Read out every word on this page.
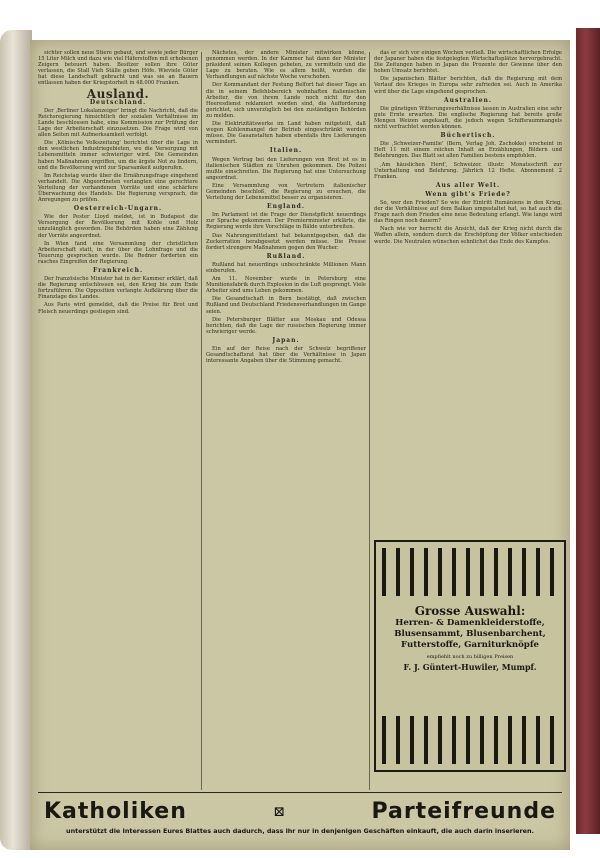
sichter sollen neue Stiere gebaut, und sowie jeder Bürger 15 Liter Milch und dazu wie viel Häferstoffen mit erhobenen Zeigern beteuert haben. Besitzer sollen ihre Güter verlassen, die Stall Vieh Ställe geben Höfe. Wieviele Güter hat diese Landschaft gebracht und was sie an Bauern entlassen haben der Kriegstorhelt in 48.000 Franken.

Ausland.
Deutschland.

Der ‚Berliner Lokalanzeiger' bringt die Nachricht, daß die Reichsregierung hinsichtlich der sozialen Verhältnisse im Lande beschlossen habe, eine Kommission zur Prüfung der Lage der Arbeiterschaft einzusetzen. Die Frage wird von allen Seiten mit Aufmerksamkeit verfolgt.

Die ‚Kölnische Volkszeitung' berichtet über die Lage in den westlichen Industriegebieten, wo die Versorgung mit Lebensmitteln immer schwieriger wird. Die Gemeinden haben Maßnahmen ergriffen, um die ärgste Not zu lindern, und die Bevölkerung wird zur Sparsamkeit aufgerufen.

Im Reichstag wurde über die Ernährungsfrage eingehend verhandelt. Die Abgeordneten verlangten eine gerechtere Verteilung der vorhandenen Vorräte und eine schärfere Überwachung des Handels. Die Regierung versprach, die Anregungen zu prüfen.

Oesterreich-Ungarn.

Wie der Pester Lloyd meldet, ist in Budapest die Versorgung der Bevölkerung mit Kohle und Holz unzulänglich geworden. Die Behörden haben eine Zählung der Vorräte angeordnet.

In Wien fand eine Versammlung der christlichen Arbeiterschaft statt, in der über die Lohnfrage und die Teuerung gesprochen wurde. Die Redner forderten ein rasches Eingreifen der Regierung.

Frankreich.

Der französische Minister hat in der Kammer erklärt, daß die Regierung entschlossen sei, den Krieg bis zum Ende fortzuführen. Die Opposition verlangte Aufklärung über die Finanzlage des Landes.

Aus Paris wird gemeldet, daß die Preise für Brot und Fleisch neuerdings gestiegen sind.

Nächstes, der andere Minister mitwirken könne, genommen werden. In der Kammer hat dann der Minister präsident seinen Kollegen gebeten, zu vermitteln und die Lage zu beraten. Wie es allem heißt, wurden die Verhandlungen auf nächste Woche verschoben.

Der Kommandant der Festung Belfort hat dieser Tage an die in seinem Befehlsbereich wohnhaften italienischen Arbeiter, die von ihrem Lande noch nicht für den Heeresdienst reklamiert worden sind, die Aufforderung gerichtet, sich unverzüglich bei den zuständigen Behörden zu melden.

Die Elektrizitätswerke im Land haben mitgeteilt, daß wegen Kohlenmangel der Betrieb eingeschränkt werden müsse. Die Gasanstalten haben ebenfalls ihre Lieferungen vermindert.

Italien.

Wegen Vertrag bei den Lieferungen von Brot ist es in italienischen Städten zu Unruhen gekommen. Die Polizei mußte einschreiten. Die Regierung hat eine Untersuchung angeordnet.

Eine Versammlung von Vertretern italienischer Gemeinden beschloß, die Regierung zu ersuchen, die Verteilung der Lebensmittel besser zu organisieren.

England.

Im Parlament ist die Frage der Dienstpflicht neuerdings zur Sprache gekommen. Der Premierminister erklärte, die Regierung werde ihre Vorschläge in Bälde unterbreiten.

Das Nahrungsmittelamt hat bekanntgegeben, daß die Zuckerration herabgesetzt werden müsse. Die Presse fordert strengere Maßnahmen gegen den Wucher.

Rußland.

Rußland hat neuerdings unbeschränkte Millionen Mann einberufen.

Am 11. November wurde in Petersburg eine Munitionsfabrik durch Explosion in die Luft gesprengt. Viele Arbeiter sind ums Leben gekommen.

Die Gesandtschaft in Bern bestätigt, daß zwischen Rußland und Deutschland Friedensverhandlungen im Gange seien.

Die Petersburger Blätter aus Moskau und Odessa berichten, daß die Lage der russischen Regierung immer schwieriger werde.

Japan.

Ein auf der Reise nach der Schweiz begriffener Gesandtschaftsrat hat über die Verhältnisse in Japan interessante Angaben über die Stimmung gemacht.

das er sich vor einigen Wochen verließ. Die wirtschaftlichen Erfolge der Japaner haben die festgelegten Wirtschaftsplätze hervorgebracht. Die Zeitungen haben in Japan die Prozente der Gewinne über den hohen Umsatz berichtet.

Die japanischen Blätter berichten, daß die Regierung mit dem Verlauf des Krieges in Europa sehr zufrieden sei. Auch in Amerika wird über die Lage eingehend gesprochen.

Australien.

Die günstigen Witterungsverhältnisse lassen in Australien eine sehr gute Ernte erwarten. Die englische Regierung hat bereits große Mengen Weizen angekauft, die jedoch wegen Schiffsraummangels nicht verfrachtet werden können.

Büchertisch.

Die ‚Schweizer-Familie' (Bern, Verlag Joh. Zschokke) erscheint in Heft 11 mit einem reichen Inhalt an Erzählungen, Bildern und Belehrungen. Das Blatt sei allen Familien bestens empfohlen.

‚Am häuslichen Herd', Schweizer. illustr. Monatsschrift zur Unterhaltung und Belehrung. Jährlich 12 Hefte. Abonnement 2 Franken.

Aus aller Welt.
Wenn gibt's Friede?

So, wer den Frieden? So wie der Eintritt Rumäniens in den Krieg, der die Verhältnisse auf dem Balkan umgestaltet hat, so hat auch die Frage nach dem Frieden eine neue Bedeutung erlangt. Wie lange wird das Ringen noch dauern?

Nach wie vor herrscht die Ansicht, daß der Krieg nicht durch die Waffen allein, sondern durch die Erschöpfung der Völker entschieden werde. Die Neutralen wünschen sehnlichst das Ende des Kampfes.

Grosse Auswahl:
Herren- & Damenkleiderstoffe,
Blusensammt, Blusenbarchent,
Futterstoffe, Garniturknöpfe
empfiehlt noch zu billigen Preisen
F. J. Güntert-Huwiler, Mumpf.
Katholiken	⊠	Parteifreunde
unterstützt die Interessen Eures Blattes auch dadurch, dass ihr nur in denjenigen Geschäften einkauft, die auch darin inserieren.
